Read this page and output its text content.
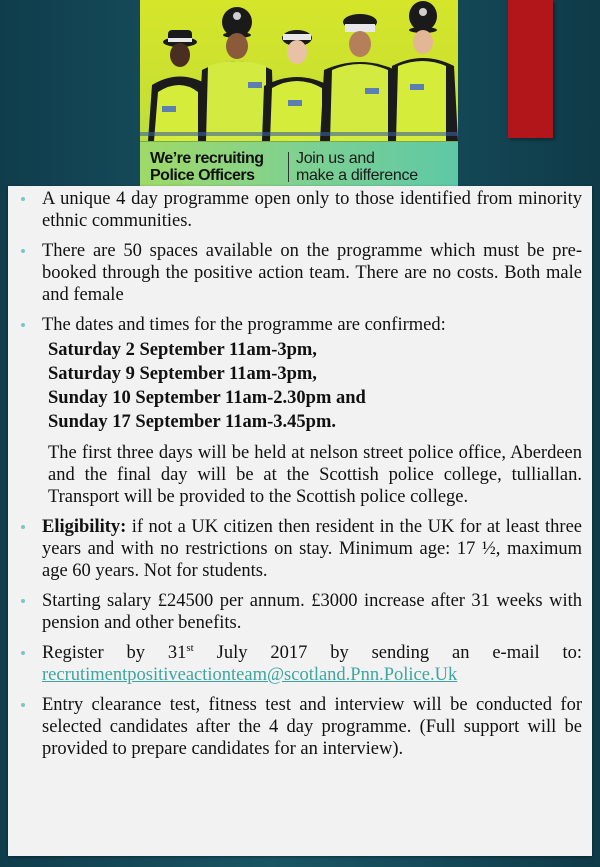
We’re recruiting
Police Officers
Join us and
make a difference
A unique 4 day programme open only to those identified from minority ethnic communities.
There are 50 spaces available on the programme which must be pre-booked through the positive action team. There are no costs. Both male and female
The dates and times for the programme are confirmed:
Saturday 2 September 11am-3pm,
Saturday 9 September 11am-3pm,
Sunday 10 September 11am-2.30pm and
Sunday 17 September 11am-3.45pm.
The first three days will be held at nelson street police office, Aberdeen and the final day will be at the Scottish police college, tulliallan. Transport will be provided to the Scottish police college.
Eligibility: if not a UK citizen then resident in the UK for at least three years and with no restrictions on stay. Minimum age: 17 ½, maximum age 60 years. Not for students.
Starting salary £24500 per annum. £3000 increase after 31 weeks with pension and other benefits.
Register by 31st July 2017 by sending an e-mail to: recrutimentpositiveactionteam@scotland.Pnn.Police.Uk
Entry clearance test, fitness test and interview will be conducted for selected candidates after the 4 day programme. (Full support will be provided to prepare candidates for an interview).
